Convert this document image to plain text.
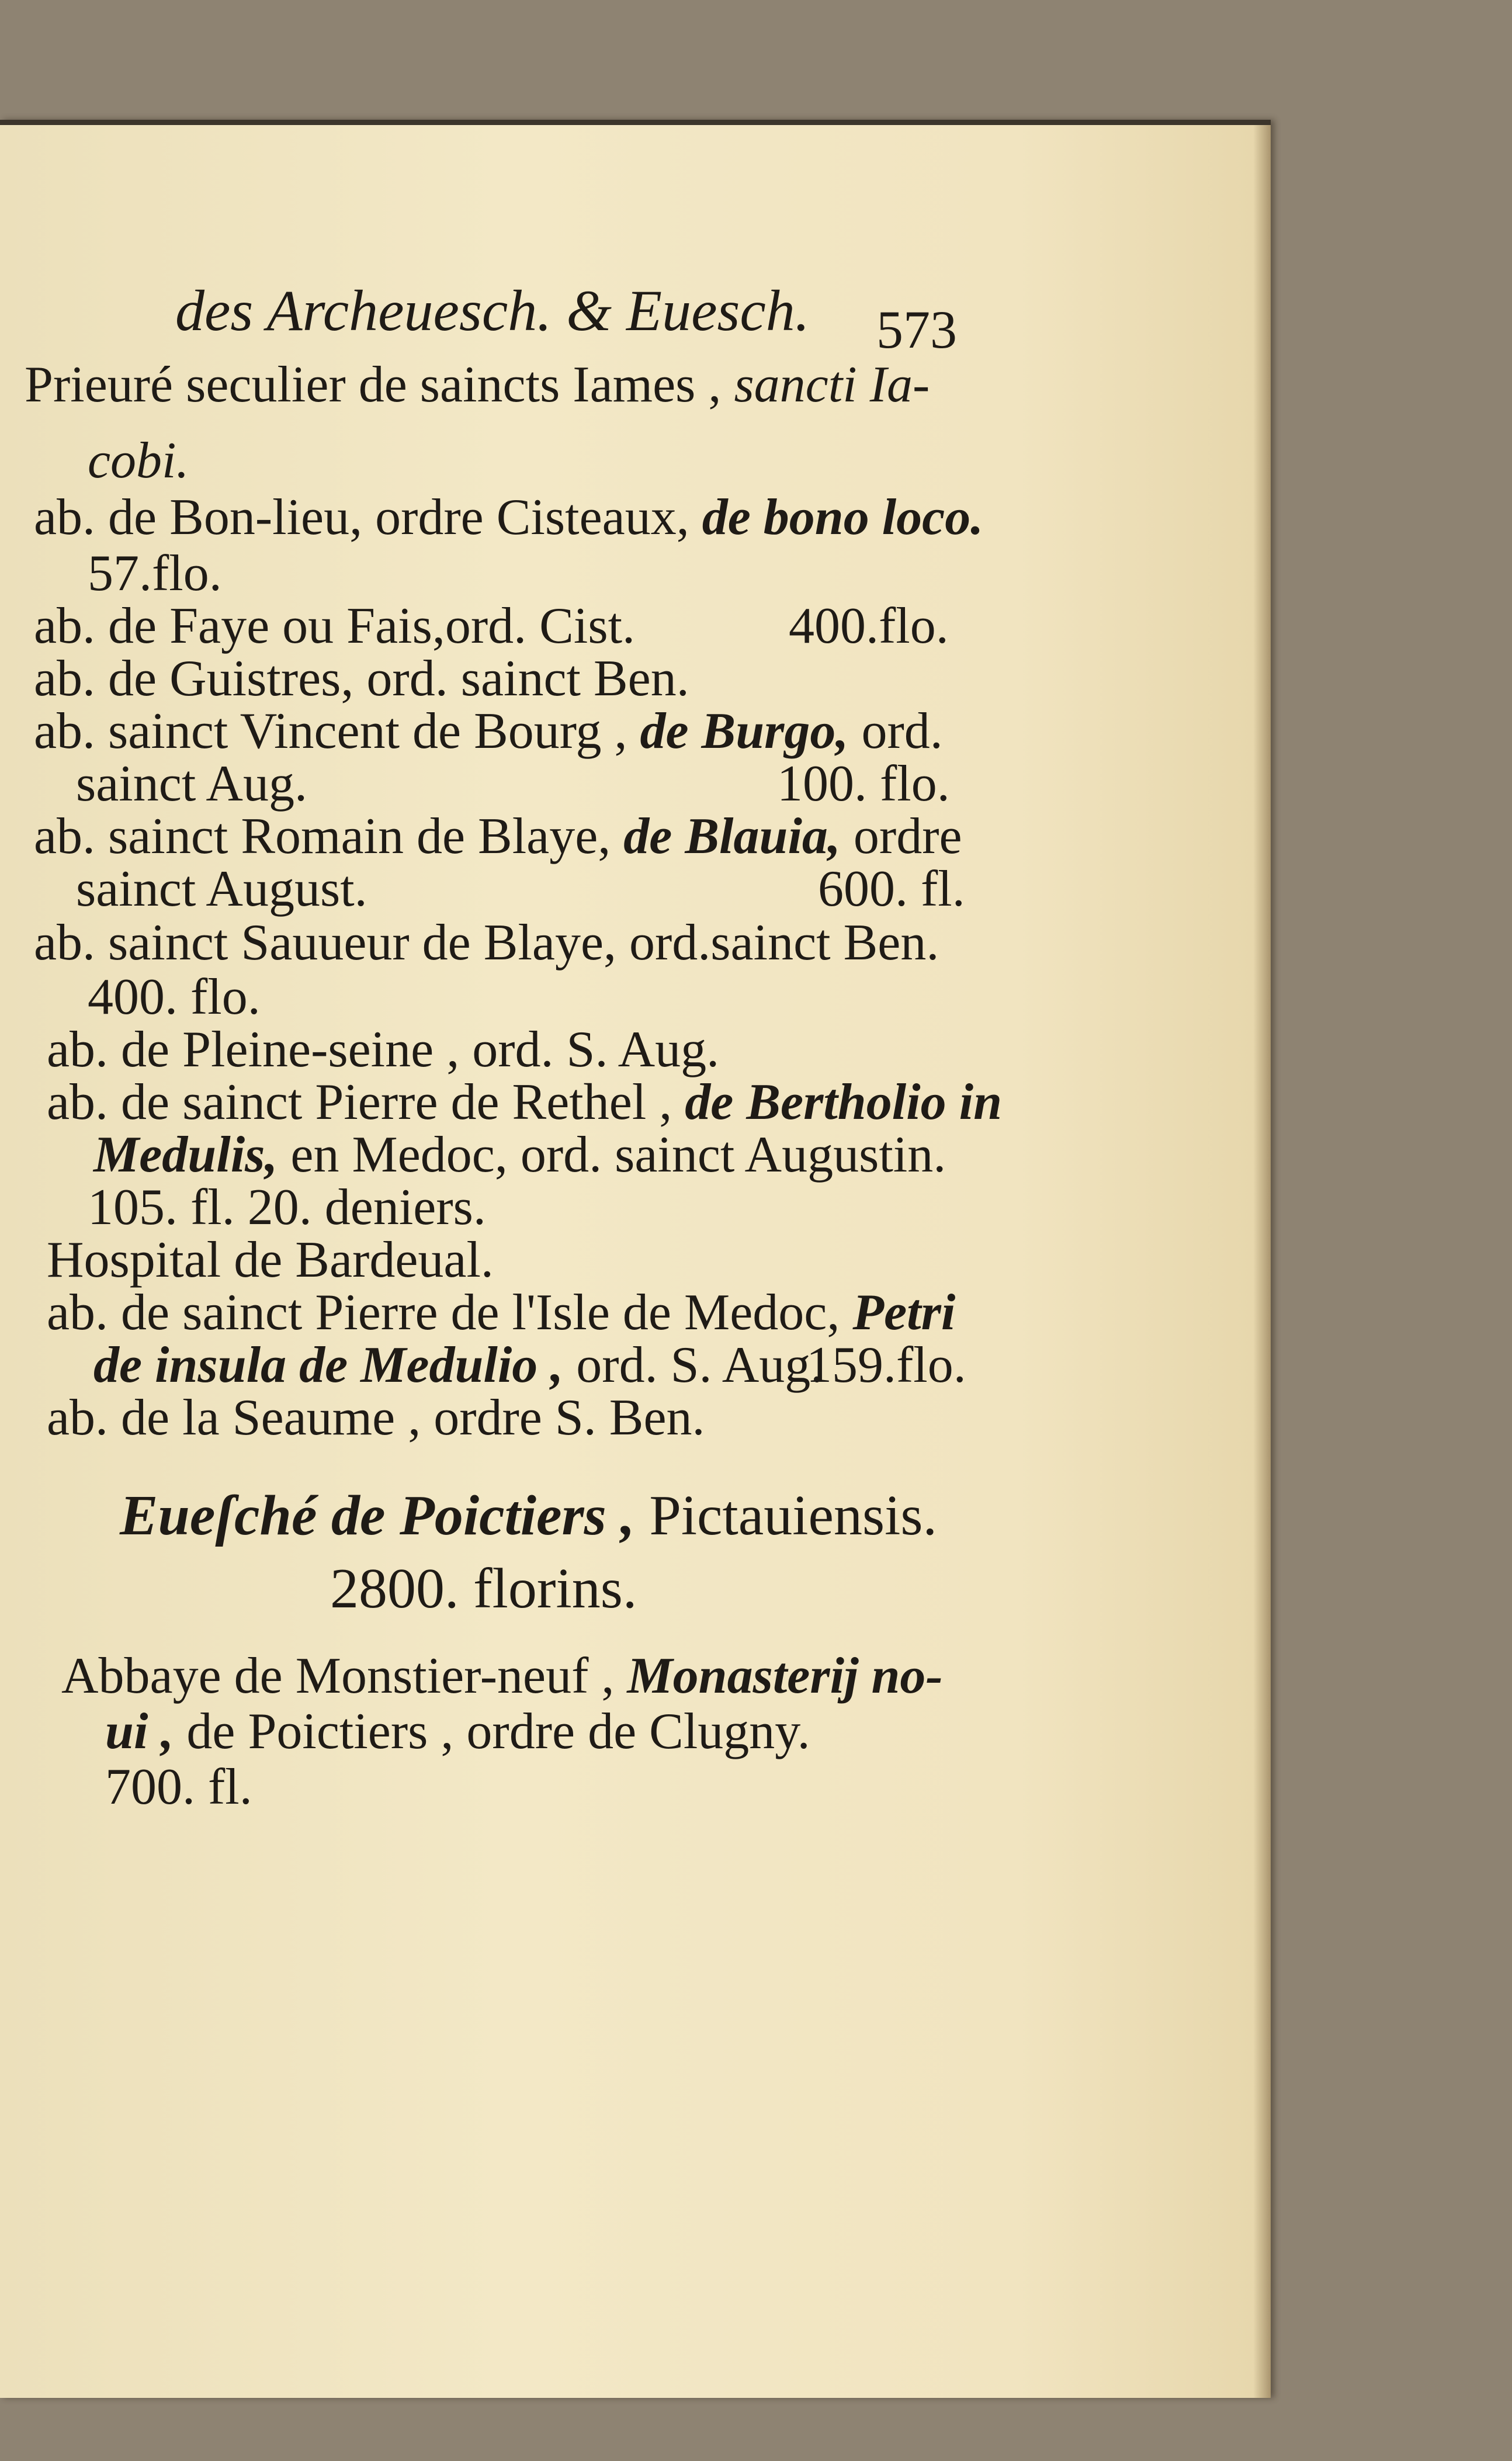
des Archeuesch. & Euesch. 573
Prieuré seculier de saincts Iames , sancti Ia-
cobi.
ab. de Bon-lieu, ordre Cisteaux, de bono loco.
57.flo.
ab. de Faye ou Fais,ord. Cist.	400.flo.
ab. de Guistres, ord. sainct Ben.
ab. sainct Vincent de Bourg , de Burgo, ord.
sainct Aug.	100. flo.
ab. sainct Romain de Blaye, de Blauia, ordre
sainct August.	600. fl.
ab. sainct Sauueur de Blaye, ord.sainct Ben.
400. flo.
ab. de Pleine-seine , ord. S. Aug.
ab. de sainct Pierre de Rethel , de Bertholio in
Medulis, en Medoc, ord. sainct Augustin.
105. fl. 20. deniers.
Hospital de Bardeual.
ab. de sainct Pierre de l'Isle de Medoc, Petri
de insula de Medulio , ord. S. Aug.
159.flo.
ab. de la Seaume , ordre S. Ben.
Eueſché de Poictiers , Pictauiensis.
2800. florins.
Abbaye de Monstier-neuf , Monasterij no-
ui , de Poictiers , ordre de Clugny.
700. fl.
